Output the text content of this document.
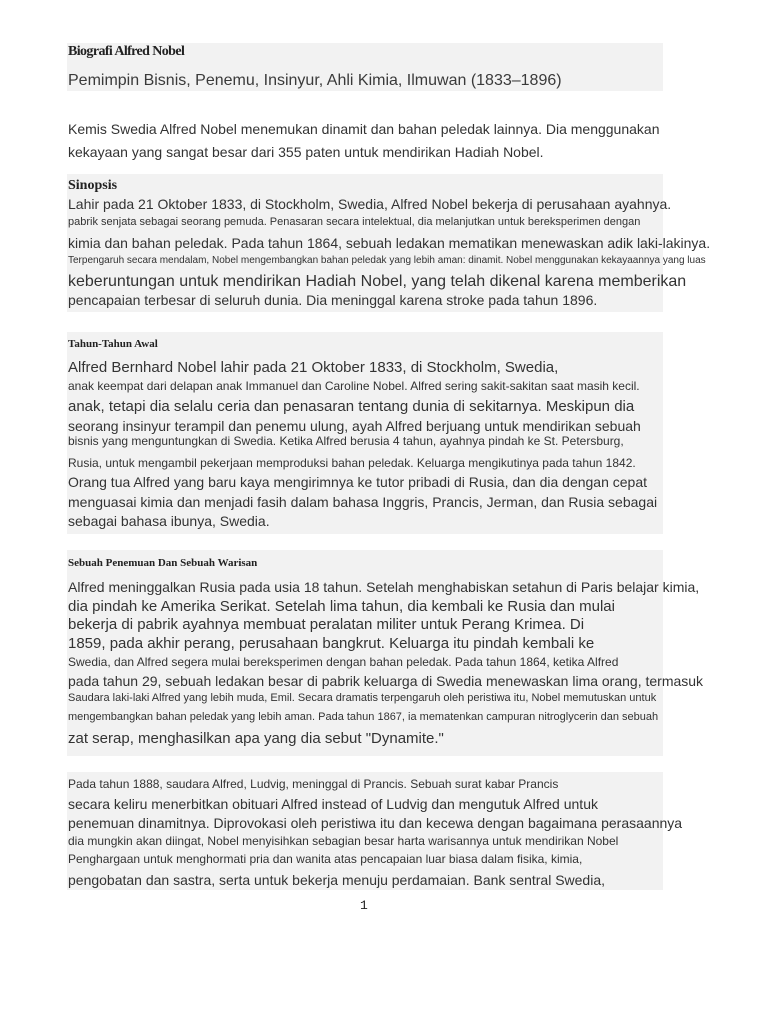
Biografi Alfred Nobel
Pemimpin Bisnis, Penemu, Insinyur, Ahli Kimia, Ilmuwan (1833–1896)
Kemis Swedia Alfred Nobel menemukan dinamit dan bahan peledak lainnya. Dia menggunakan
kekayaan yang sangat besar dari 355 paten untuk mendirikan Hadiah Nobel.
Sinopsis
Lahir pada 21 Oktober 1833, di Stockholm, Swedia, Alfred Nobel bekerja di perusahaan ayahnya.
pabrik senjata sebagai seorang pemuda. Penasaran secara intelektual, dia melanjutkan untuk bereksperimen dengan
kimia dan bahan peledak. Pada tahun 1864, sebuah ledakan mematikan menewaskan adik laki-lakinya.
Terpengaruh secara mendalam, Nobel mengembangkan bahan peledak yang lebih aman: dinamit. Nobel menggunakan kekayaannya yang luas
keberuntungan untuk mendirikan Hadiah Nobel, yang telah dikenal karena memberikan
pencapaian terbesar di seluruh dunia. Dia meninggal karena stroke pada tahun 1896.
Tahun-Tahun Awal
Alfred Bernhard Nobel lahir pada 21 Oktober 1833, di Stockholm, Swedia,
anak keempat dari delapan anak Immanuel dan Caroline Nobel. Alfred sering sakit-sakitan saat masih kecil.
anak, tetapi dia selalu ceria dan penasaran tentang dunia di sekitarnya. Meskipun dia
seorang insinyur terampil dan penemu ulung, ayah Alfred berjuang untuk mendirikan sebuah
bisnis yang menguntungkan di Swedia. Ketika Alfred berusia 4 tahun, ayahnya pindah ke St. Petersburg,
Rusia, untuk mengambil pekerjaan memproduksi bahan peledak. Keluarga mengikutinya pada tahun 1842.
Orang tua Alfred yang baru kaya mengirimnya ke tutor pribadi di Rusia, dan dia dengan cepat
menguasai kimia dan menjadi fasih dalam bahasa Inggris, Prancis, Jerman, dan Rusia sebagai
sebagai bahasa ibunya, Swedia.
Sebuah Penemuan Dan Sebuah Warisan
Alfred meninggalkan Rusia pada usia 18 tahun. Setelah menghabiskan setahun di Paris belajar kimia,
dia pindah ke Amerika Serikat. Setelah lima tahun, dia kembali ke Rusia dan mulai
bekerja di pabrik ayahnya membuat peralatan militer untuk Perang Krimea. Di
1859, pada akhir perang, perusahaan bangkrut. Keluarga itu pindah kembali ke
Swedia, dan Alfred segera mulai bereksperimen dengan bahan peledak. Pada tahun 1864, ketika Alfred
pada tahun 29, sebuah ledakan besar di pabrik keluarga di Swedia menewaskan lima orang, termasuk
Saudara laki-laki Alfred yang lebih muda, Emil. Secara dramatis terpengaruh oleh peristiwa itu, Nobel memutuskan untuk
mengembangkan bahan peledak yang lebih aman. Pada tahun 1867, ia mematenkan campuran nitroglycerin dan sebuah
zat serap, menghasilkan apa yang dia sebut "Dynamite."
Pada tahun 1888, saudara Alfred, Ludvig, meninggal di Prancis. Sebuah surat kabar Prancis
secara keliru menerbitkan obituari Alfred instead of Ludvig dan mengutuk Alfred untuk
penemuan dinamitnya. Diprovokasi oleh peristiwa itu dan kecewa dengan bagaimana perasaannya
dia mungkin akan diingat, Nobel menyisihkan sebagian besar harta warisannya untuk mendirikan Nobel
Penghargaan untuk menghormati pria dan wanita atas pencapaian luar biasa dalam fisika, kimia,
pengobatan dan sastra, serta untuk bekerja menuju perdamaian. Bank sentral Swedia,
1
